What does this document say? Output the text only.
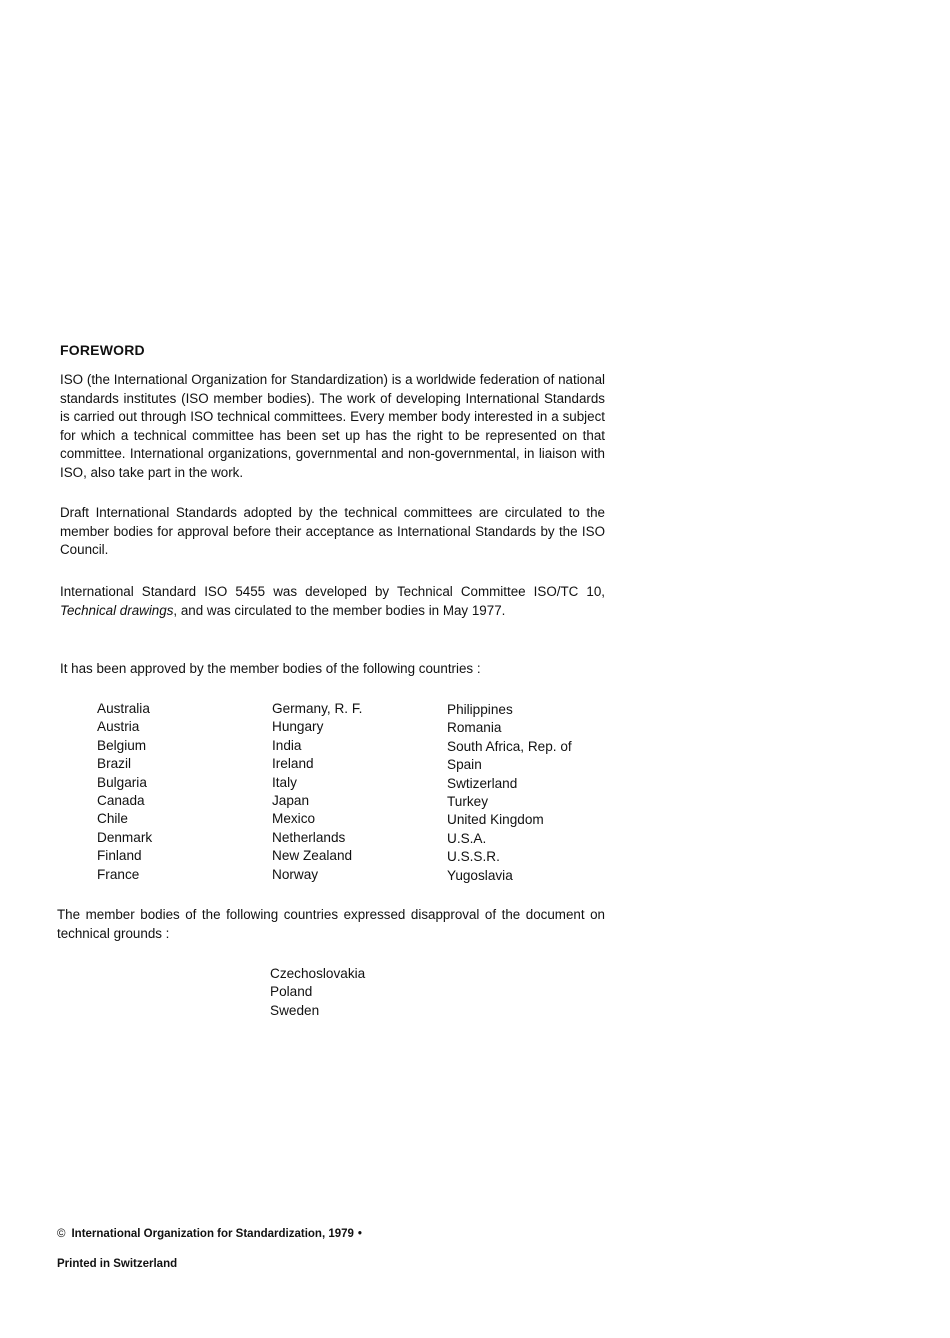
FOREWORD
ISO (the International Organization for Standardization) is a worldwide federation of national standards institutes (ISO member bodies). The work of developing International Standards is carried out through ISO technical committees. Every member body interested in a subject for which a technical committee has been set up has the right to be represented on that committee. International organizations, governmental and non-governmental, in liaison with ISO, also take part in the work.
Draft International Standards adopted by the technical committees are circulated to the member bodies for approval before their acceptance as International Standards by the ISO Council.
International Standard ISO 5455 was developed by Technical Committee ISO/TC 10, Technical drawings, and was circulated to the member bodies in May 1977.
It has been approved by the member bodies of the following countries :
Australia
Austria
Belgium
Brazil
Bulgaria
Canada
Chile
Denmark
Finland
France
Germany, R. F.
Hungary
India
Ireland
Italy
Japan
Mexico
Netherlands
New Zealand
Norway
Philippines
Romania
South Africa, Rep. of
Spain
Swtizerland
Turkey
United Kingdom
U.S.A.
U.S.S.R.
Yugoslavia
The member bodies of the following countries expressed disapproval of the document on technical grounds :
Czechoslovakia
Poland
Sweden
© International Organization for Standardization, 1979 •
Printed in Switzerland
